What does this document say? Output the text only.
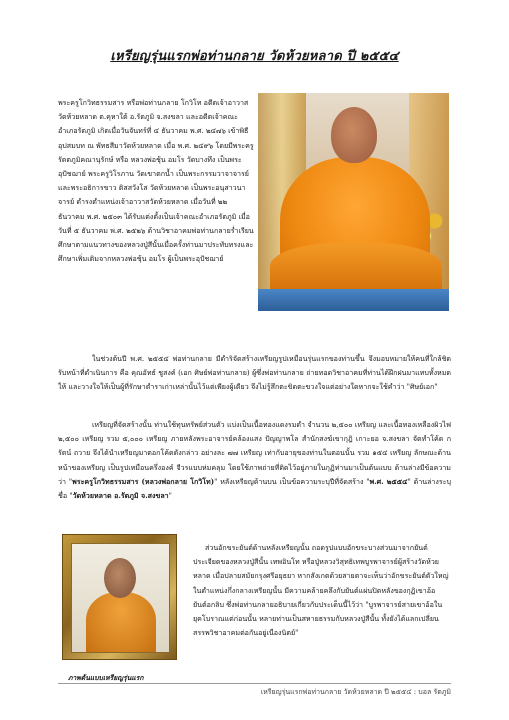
เหรียญรุ่นแรกพ่อท่านกลาย วัดห้วยหลาด ปี ๒๕๕๔

พระครูโกวิทธรรมสาร หรือพ่อท่านกลาย โกวิโท อดีตเจ้าอาวาสวัดห้วยหลาด ต.คุหาใต้ อ.รัตภูมิ จ.สงขลา และอดีตเจ้าคณะอำเภอรัตภูมิ เกิดเมื่อวันจันทร์ที่ ๔ ธันวาคม พ.ศ. ๒๔๗๖ เข้าพิธีอุปสมบท ณ พัทธสีมาวัดห้วยหลาด เมื่อ พ.ศ. ๒๔๙๖ โดยมีพระครูรัตตภูมิคณานุรักษ์ หรือ หลวงพ่อชุ้น อมโร วัดบางทึง เป็นพระอุปัชฌาย์ พระครูวิโรภาน วัดเขาตกน้ำ เป็นพระกรรมวาจาจารย์ และพระอธิการขาว ติสสวังโส วัดห้วยหลาด เป็นพระอนุสาวนาจารย์ ดำรงตำแหน่งเจ้าอาวาสวัดห้วยหลาด เมื่อวันที่ ๒๒ ธันวาคม พ.ศ. ๒๕๐๓ ได้รับแต่งตั้งเป็นเจ้าคณะอำเภอรัตภูมิ เมื่อวันที่ ๕ ธันวาคม พ.ศ. ๒๕๒๖ ด้านวิชาอาคมพ่อท่านกลายร่ำเรียนศึกษาตามแนวทางของหลวงปู่สีนั้นเมื่อครั้งท่านมาประทับทรงและศึกษาเพิ่มเติมจากหลวงพ่อชุ้น อมโร ผู้เป็นพระอุปัชฌาย์

ในช่วงต้นปี พ.ศ. ๒๕๕๔ พ่อท่านกลาย มีดำริจัดสร้างเหรียญรูปเหมือนรุ่นแรกของท่านขึ้น จึงมอบหมายให้คนที่ใกล้ชิดรับหน้าที่ดำเนินการ คือ คุณอัทธ์ ชูสงค์ (เอก ศิษย์พ่อท่านกลาย) ผู้ซึ่งพ่อท่านกลาย ถ่ายทอดวิชาอาคมที่ท่านได้ฝึกฝนมาแทบทั้งหมดให้ และวางใจให้เป็นผู้ที่รักษาตำราเก่าเหล่านั้นไว้แต่เพียงผู้เดียว จึงไม่รู้สึกตะขิดตะขวงใจแต่อย่างใดหากจะใช้คำว่า "ศิษย์เอก"

เหรียญที่จัดสร้างนั้น ท่านใช้ทุนทรัพย์ส่วนตัว แบ่งเป็นเนื้อทองแดงรมดำ จำนวน ๒,๕๐๐ เหรียญ และเนื้อทองเหลืองผิวไฟ ๒,๕๐๐ เหรียญ รวม ๕,๐๐๐ เหรียญ ภายหลังพระอาจารย์คล้องแสง ปัญญาพโล สำนักสงฆ์เขากุฎิ เกาะยอ จ.สงขลา จัดทำโค้ด ก รัตน์ ถวาย จึงได้นำเหรียญมาตอกโค้ดดังกล่าว อย่างละ ๗๗ เหรียญ เท่ากับอายุของท่านในตอนนั้น รวม ๑๕๔ เหรียญ ลักษณะด้านหน้าของเหรียญ เป็นรูปเหมือนครึ่งองค์ จีวรแบบห่มคลุม โดยใช้ภาพถ่ายที่ติดไว้อยู่ภายในกุฏิท่านมาเป็นต้นแบบ ด้านล่างมีข้อความว่า "พระครูโกวิทธรรมสาร (หลวงพ่อกลาย โกวิโท)" หลังเหรียญด้านบน เป็นข้อความระบุปีที่จัดสร้าง "พ.ศ. ๒๕๕๔" ด้านล่างระบุชื่อ "วัดห้วยหลาด อ.รัตภูมิ จ.สงขลา"

ภาพต้นแบบเหรียญรุ่นแรก

ส่วนอักขระยันต์ด้านหลังเหรียญนั้น ถอดรูปแบบอักขระบางส่วนมาจากยันต์ประเจียดของหลวงปู่สีนั้น เทพอินโท หรือปู่หลวงวิสุทธิเทพบูรพาจารย์ผู้สร้างวัดห้วยหลาด เมื่อปลายสมัยกรุงศรีอยุธยา หากสังเกตด้วยสายตาจะเห็นว่าอักขระยันต์ตัวใหญ่ในตำแหน่งกึ่งกลางเหรียญนั้น มีความคล้ายคลึงกับยันต์แผ่นปิดหลังของกุฏิเขาอ้อ ยันต์อกลิบ ซึ่งพ่อท่านกลายอธิบายเกี่ยวกับประเด็นนี้ไว้ว่า "บูรพาจารย์สายเขาอ้อในยุคโบราณแต่ก่อนนั้น หลายท่านเป็นสหายธรรมกับหลวงปู่สีนั้น ทั้งยังได้แลกเปลี่ยนสรรพวิชาอาคมต่อกันอยู่เนืองนิตย์"

เหรียญรุ่นแรกพ่อท่านกลาย วัดห้วยหลาด ปี ๒๕๕๔ : บอล รัตภูมิ
